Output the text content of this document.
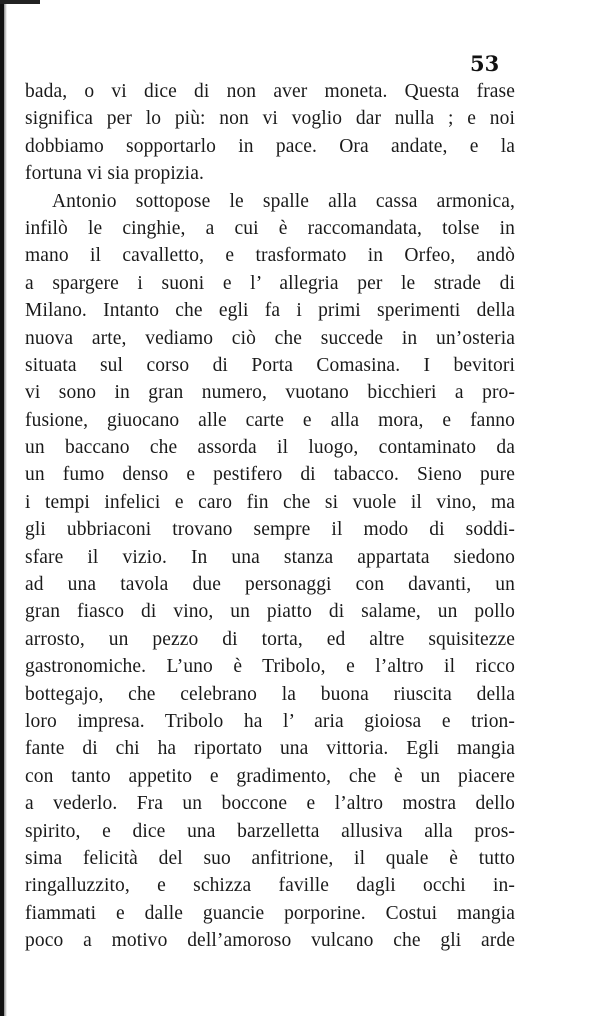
53
bada, o vi dice di non aver moneta. Questa frase
significa per lo più: non vi voglio dar nulla ; e noi
dobbiamo sopportarlo in pace. Ora andate, e la
fortuna vi sia propizia.
Antonio sottopose le spalle alla cassa armonica,
infilò le cinghie, a cui è raccomandata, tolse in
mano il cavalletto, e trasformato in Orfeo, andò
a spargere i suoni e l’ allegria per le strade di
Milano. Intanto che egli fa i primi sperimenti della
nuova arte, vediamo ciò che succede in un’osteria
situata sul corso di Porta Comasina. I bevitori
vi sono in gran numero, vuotano bicchieri a pro-
fusione, giuocano alle carte e alla mora, e fanno
un baccano che assorda il luogo, contaminato da
un fumo denso e pestifero di tabacco. Sieno pure
i tempi infelici e caro fin che si vuole il vino, ma
gli ubbriaconi trovano sempre il modo di soddi-
sfare il vizio. In una stanza appartata siedono
ad una tavola due personaggi con davanti, un
gran fiasco di vino, un piatto di salame, un pollo
arrosto, un pezzo di torta, ed altre squisitezze
gastronomiche. L’uno è Tribolo, e l’altro il ricco
bottegajo, che celebrano la buona riuscita della
loro impresa. Tribolo ha l’ aria gioiosa e trion-
fante di chi ha riportato una vittoria. Egli mangia
con tanto appetito e gradimento, che è un piacere
a vederlo. Fra un boccone e l’altro mostra dello
spirito, e dice una barzelletta allusiva alla pros-
sima felicità del suo anfitrione, il quale è tutto
ringalluzzito, e schizza faville dagli occhi in-
fiammati e dalle guancie porporine. Costui mangia
poco a motivo dell’amoroso vulcano che gli arde
